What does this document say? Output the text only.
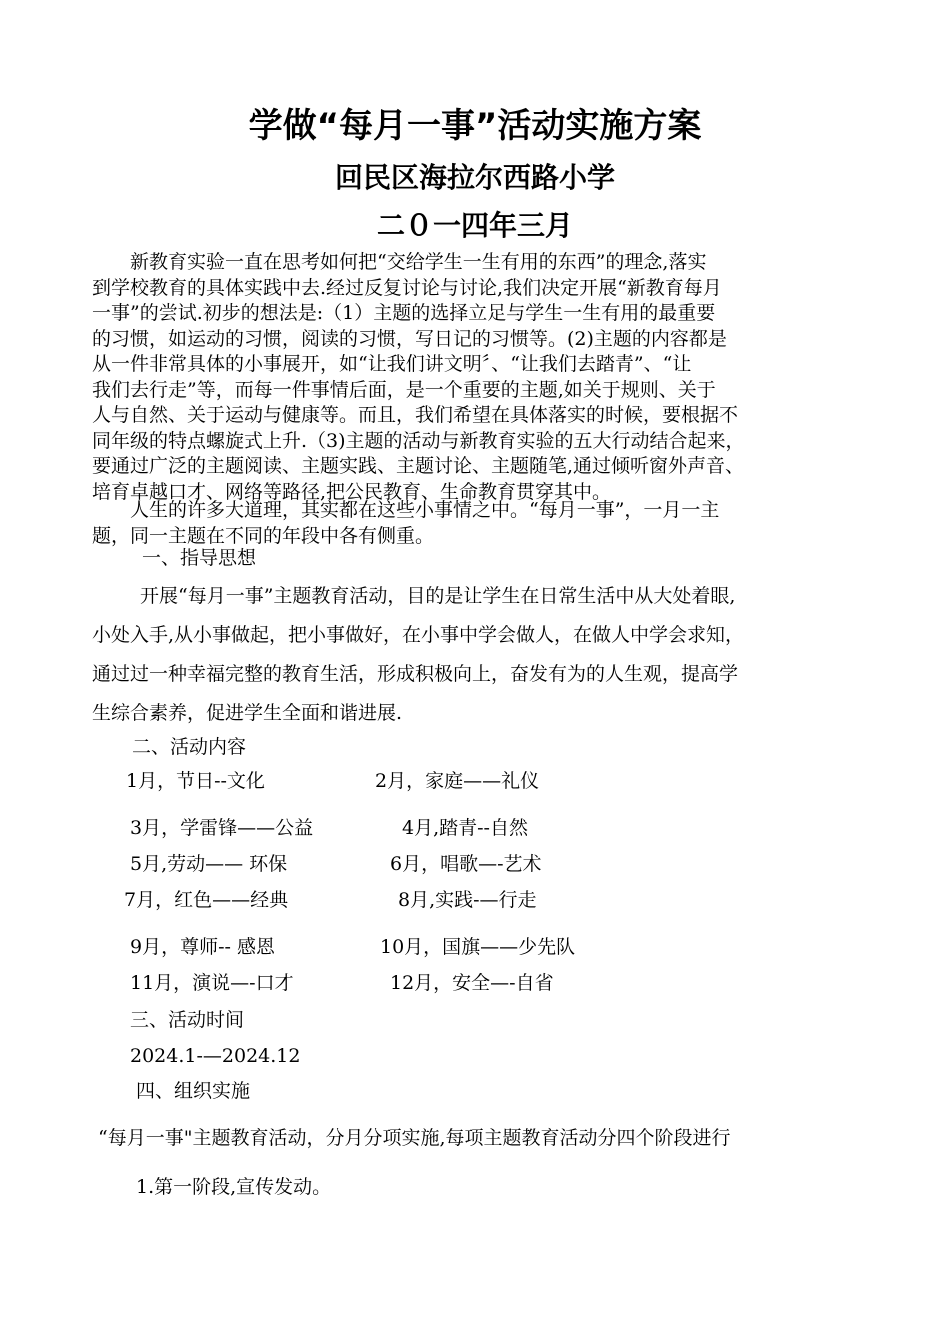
学做“每月一事”活动实施方案
回民区海拉尔西路小学
二０一四年三月
　　新教育实验一直在思考如何把“交给学生一生有用的东西”的理念,落实
到学校教育的具体实践中去.经过反复讨论与讨论,我们决定开展“新教育每月
一事”的尝试.初步的想法是:（1）主题的选择立足与学生一生有用的最重要
的习惯，如运动的习惯，阅读的习惯，写日记的习惯等。(2)主题的内容都是
从一件非常具体的小事展开，如“让我们讲文明〞、“让我们去踏青”、“让
我们去行走”等，而每一件事情后面，是一个重要的主题,如关于规则、关于
人与自然、关于运动与健康等。而且，我们希望在具体落实的时候，要根据不
同年级的特点螺旋式上升.（3)主题的活动与新教育实验的五大行动结合起来，
要通过广泛的主题阅读、主题实践、主题讨论、主题随笔,通过倾听窗外声音、
培育卓越口才、网络等路径,把公民教育、生命教育贯穿其中。
　　人生的许多大道理，其实都在这些小事情之中。“每月一事”，一月一主
题，同一主题在不同的年段中各有侧重。
一、指导思想
开展“每月一事”主题教育活动，目的是让学生在日常生活中从大处着眼,
小处入手,从小事做起，把小事做好，在小事中学会做人，在做人中学会求知，
通过过一种幸福完整的教育生活，形成积极向上，奋发有为的人生观，提高学
生综合素养，促进学生全面和谐进展.
二、活动内容
1月，节日--文化	2月，家庭——礼仪
3月，学雷锋——公益	4月,踏青--自然
5月,劳动—— 环保	6月，唱歌—-艺术
7月，红色——经典	8月,实践-—行走
9月，尊师-- 感恩	10月，国旗——少先队
11月，演说—-口才	12月，安全—-自省
三、活动时间
2024.1-—2024.12
四、组织实施
“每月一事"主题教育活动，分月分项实施,每项主题教育活动分四个阶段进行
1.第一阶段,宣传发动。
